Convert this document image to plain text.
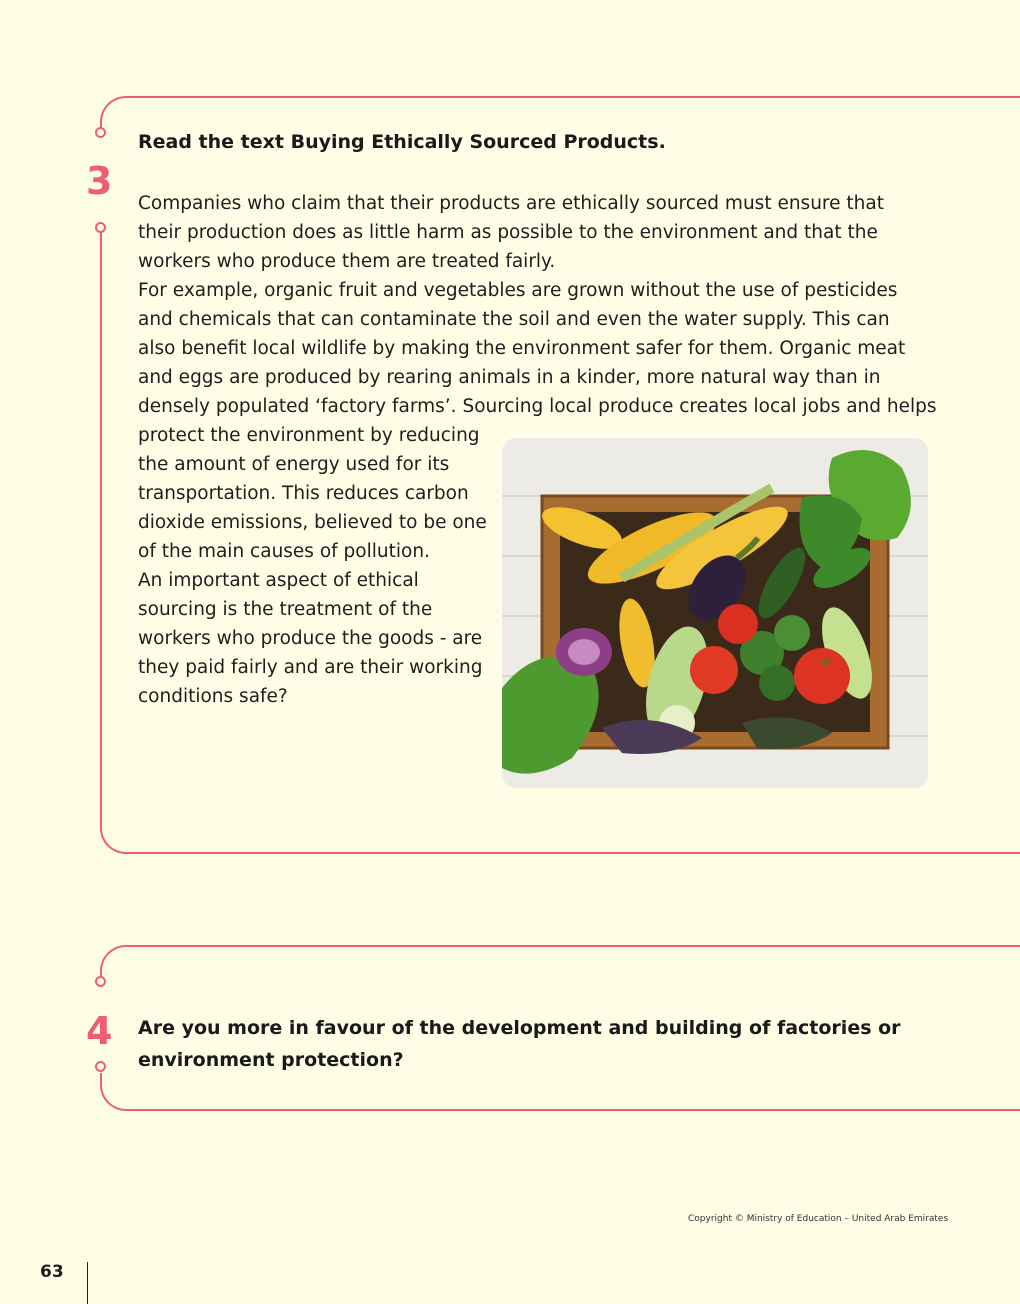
3
Read the text Buying Ethically Sourced Products.
Companies who claim that their products are ethically sourced must ensure that
their production does as little harm as possible to the environment and that the
workers who produce them are treated fairly.
For example, organic fruit and vegetables are grown without the use of pesticides
and chemicals that can contaminate the soil and even the water supply. This can
also benefit local wildlife by making the environment safer for them. Organic meat
and eggs are produced by rearing animals in a kinder, more natural way than in
densely populated ‘factory farms’. Sourcing local produce creates local jobs and helps
protect the environment by reducing
the amount of energy used for its
transportation. This reduces carbon
dioxide emissions, believed to be one
of the main causes of pollution.
An important aspect of ethical
sourcing is the treatment of the
workers who produce the goods - are
they paid fairly and are their working
conditions safe?
4 Are you more in favour of the development and building of factories or
environment protection?
Copyright © Ministry of Education – United Arab Emirates
63
